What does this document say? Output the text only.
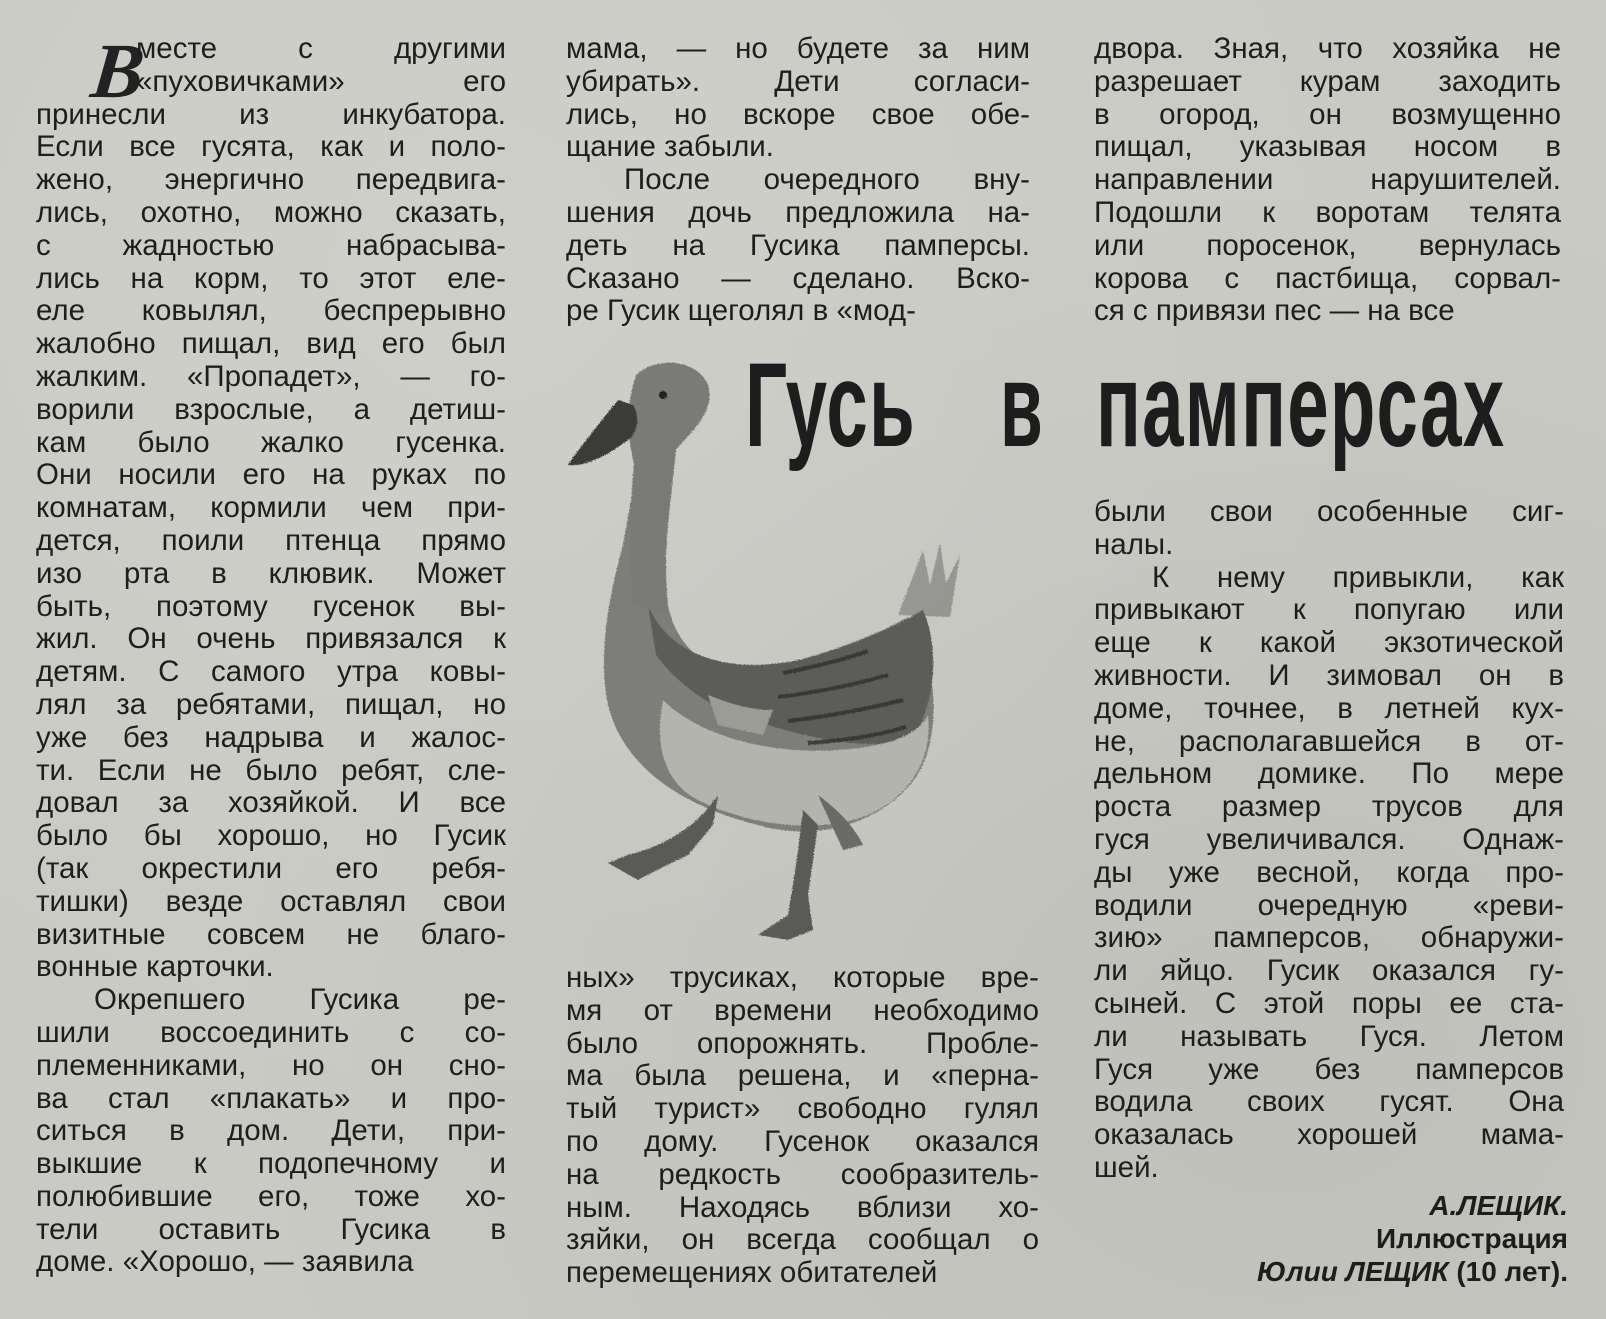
В
месте с другими
«пуховичками» его
принесли из инкубатора.
Если все гусята, как и поло-
жено, энергично передвига-
лись, охотно, можно сказать,
с жадностью набрасыва-
лись на корм, то этот еле-
еле ковылял, беспрерывно
жалобно пищал, вид его был
жалким. «Пропадет», — го-
ворили взрослые, а детиш-
кам было жалко гусенка.
Они носили его на руках по
комнатам, кормили чем при-
дется, поили птенца прямо
изо рта в клювик. Может
быть, поэтому гусенок вы-
жил. Он очень привязался к
детям. С самого утра ковы-
лял за ребятами, пищал, но
уже без надрыва и жалос-
ти. Если не было ребят, сле-
довал за хозяйкой. И все
было бы хорошо, но Гусик
(так окрестили его ребя-
тишки) везде оставлял свои
визитные совсем не благо-
вонные карточки.
Окрепшего Гусика ре-
шили воссоединить с со-
племенниками, но он сно-
ва стал «плакать» и про-
ситься в дом. Дети, при-
выкшие к подопечному и
полюбившие его, тоже хо-
тели оставить Гусика в
доме. «Хорошо, — заявила
мама, — но будете за ним
убирать». Дети согласи-
лись, но вскоре свое обе-
щание забыли.
После очередного вну-
шения дочь предложила на-
деть на Гусика памперсы.
Сказано — сделано. Вско-
ре Гусик щеголял в «мод-
ных» трусиках, которые вре-
мя от времени необходимо
было опорожнять. Пробле-
ма была решена, и «перна-
тый турист» свободно гулял
по дому. Гусенок оказался
на редкость сообразитель-
ным. Находясь вблизи хо-
зяйки, он всегда сообщал о
перемещениях обитателей
двора. Зная, что хозяйка не
разрешает курам заходить
в огород, он возмущенно
пищал, указывая носом в
направлении нарушителей.
Подошли к воротам телята
или поросенок, вернулась
корова с пастбища, сорвал-
ся с привязи пес — на все
были свои особенные сиг-
налы.
К нему привыкли, как
привыкают к попугаю или
еще к какой экзотической
живности. И зимовал он в
доме, точнее, в летней кух-
не, располагавшейся в от-
дельном домике. По мере
роста размер трусов для
гуся увеличивался. Однаж-
ды уже весной, когда про-
водили очередную «реви-
зию» памперсов, обнаружи-
ли яйцо. Гусик оказался гу-
сыней. С этой поры ее ста-
ли называть Гуся. Летом
Гуся уже без памперсов
водила своих гусят. Она
оказалась хорошей мама-
шей.
Гусь в памперсах
А.ЛЕЩИК.
Иллюстрация
Юлии ЛЕЩИК (10 лет).
